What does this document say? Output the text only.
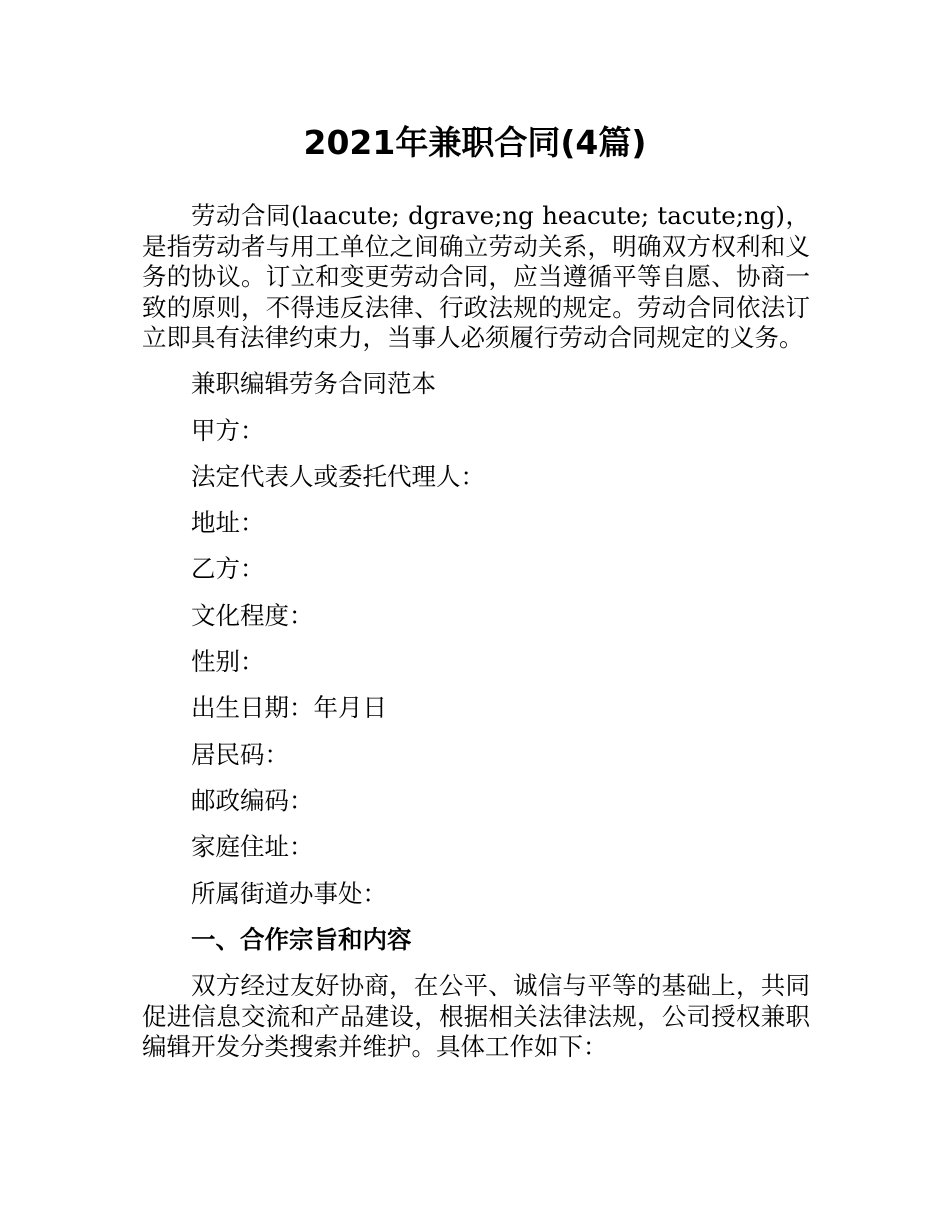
2021年兼职合同(4篇)

劳动合同(laacute; dgrave;ng heacute; tacute;ng)，是指劳动者与用工单位之间确立劳动关系，明确双方权利和义务的协议。订立和变更劳动合同，应当遵循平等自愿、协商一致的原则，不得违反法律、行政法规的规定。劳动合同依法订立即具有法律约束力，当事人必须履行劳动合同规定的义务。

兼职编辑劳务合同范本
甲方：
法定代表人或委托代理人：
地址：
乙方：
文化程度：
性别：
出生日期：年月日
居民码：
邮政编码：
家庭住址：
所属街道办事处：
一、合作宗旨和内容

双方经过友好协商，在公平、诚信与平等的基础上，共同促进信息交流和产品建设，根据相关法律法规，公司授权兼职编辑开发分类搜索并维护。具体工作如下：
